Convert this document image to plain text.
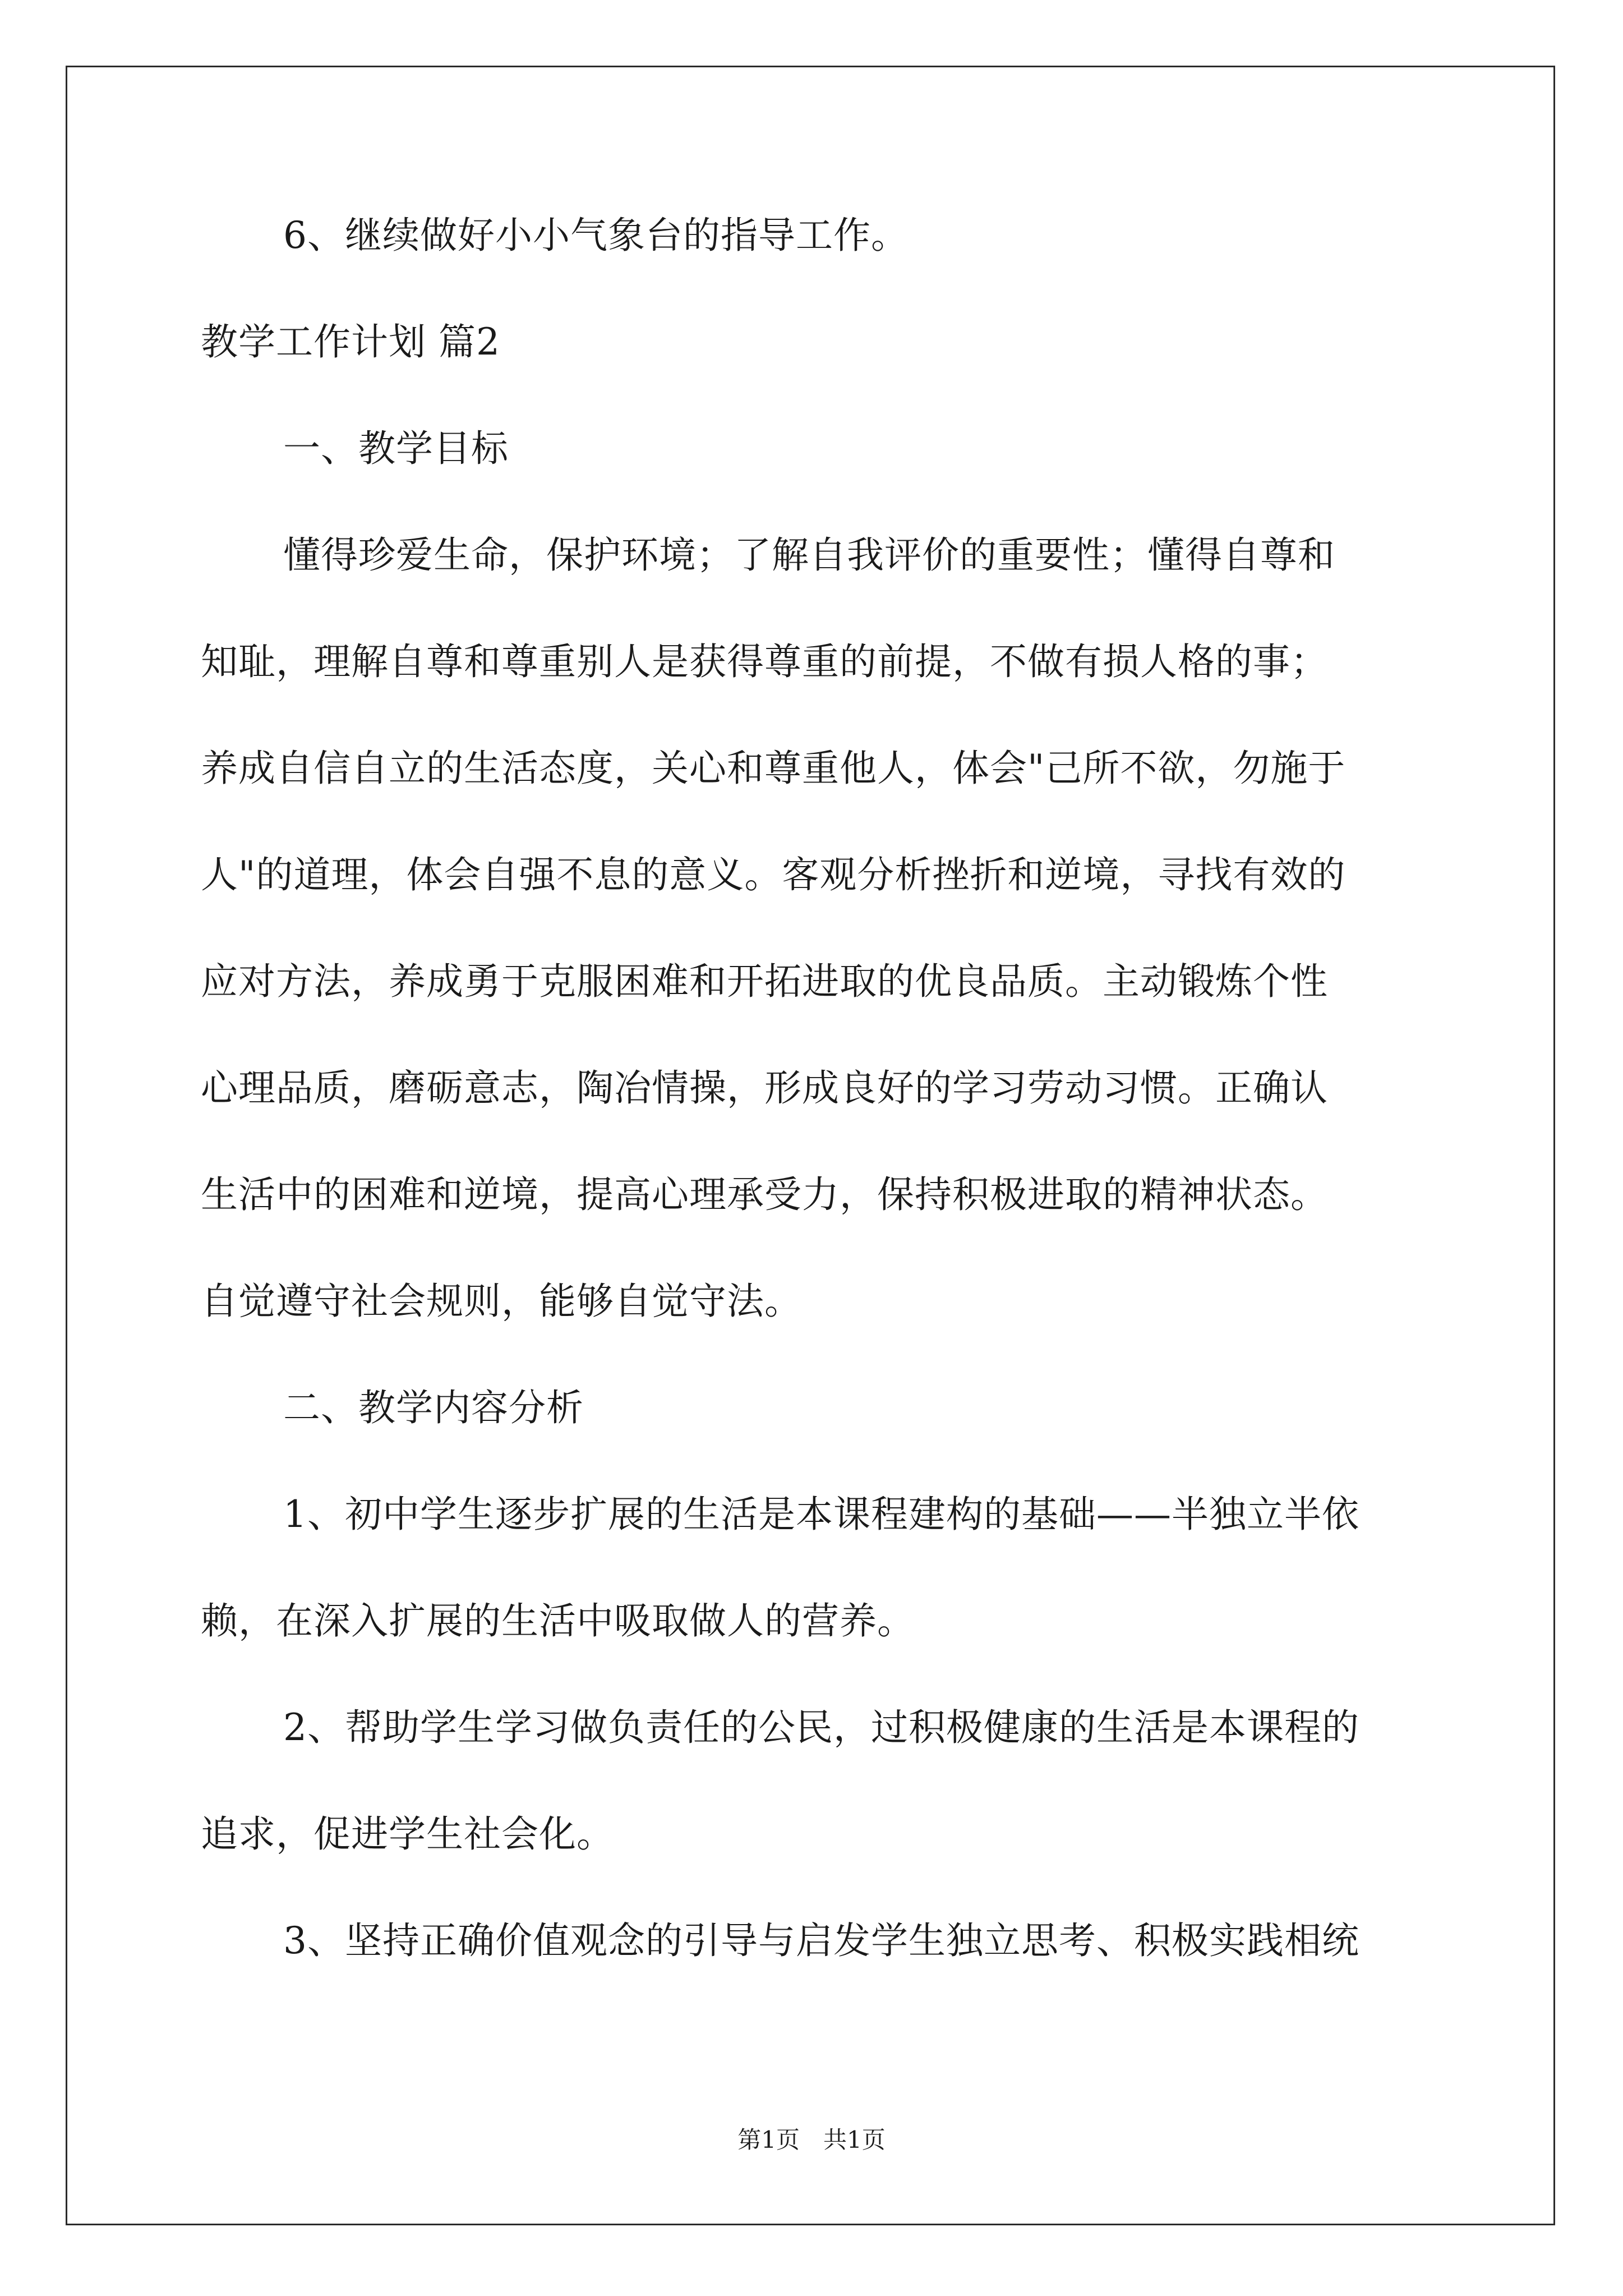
6、继续做好小小气象台的指导工作。
教学工作计划 篇2
一、教学目标
懂得珍爱生命，保护环境；了解自我评价的重要性；懂得自尊和
知耻，理解自尊和尊重别人是获得尊重的前提，不做有损人格的事；
养成自信自立的生活态度，关心和尊重他人，体会"己所不欲，勿施于
人"的道理，体会自强不息的意义。客观分析挫折和逆境，寻找有效的
应对方法，养成勇于克服困难和开拓进取的优良品质。主动锻炼个性
心理品质，磨砺意志，陶冶情操，形成良好的学习劳动习惯。正确认
生活中的困难和逆境，提高心理承受力，保持积极进取的精神状态。
自觉遵守社会规则，能够自觉守法。
二、教学内容分析
1、初中学生逐步扩展的生活是本课程建构的基础——半独立半依
赖，在深入扩展的生活中吸取做人的营养。
2、帮助学生学习做负责任的公民，过积极健康的生活是本课程的
追求，促进学生社会化。
3、坚持正确价值观念的引导与启发学生独立思考、积极实践相统
第1页　共1页
